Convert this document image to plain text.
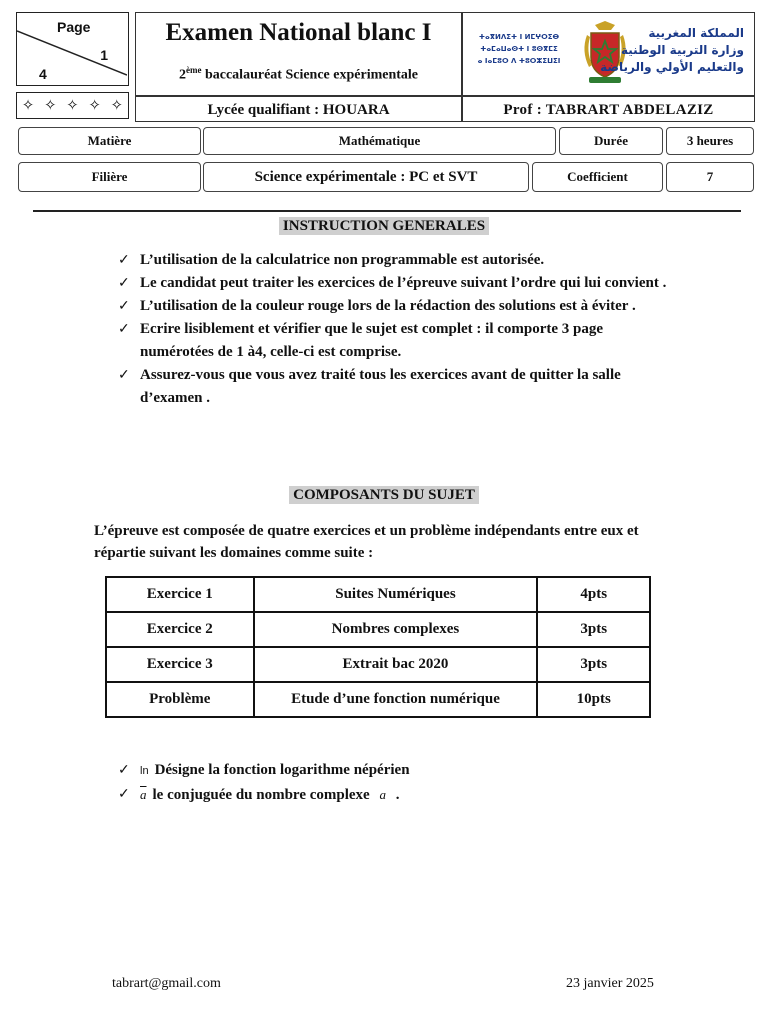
Page
1
4
✧ ✧ ✧ ✧ ✧
Examen National blanc I
2ème baccalauréat Science expérimentale
ⵜⴰⴳⵍⴷⵉⵜ ⵏ ⵍⵎⵖⵔⵉⴱ
ⵜⴰⵎⴰⵡⴰⵙⵜ ⵏ ⵓⵙⴳⵎⵉ
ⴰ ⵏⴰⵎⵓⵔ ⴷ ⵜⵓⵔⵣⵉⵡⵉⵏ
المملكة المغربية
وزارة التربية الوطنية
والتعليم الأولي والرياضة
Lycée qualifiant : HOUARA	Prof : TABRART ABDELAZIZ
Matière	Mathématique	Durée	3 heures
Filière	Science expérimentale : PC et SVT	Coefficient	7
INSTRUCTION GENERALES
✓ L’utilisation de la calculatrice non programmable est autorisée.
✓ Le candidat peut traiter les exercices de l’épreuve suivant l’ordre qui lui convient .
✓ L’utilisation de la couleur rouge lors de la rédaction des solutions est à éviter .
✓ Ecrire lisiblement et vérifier que le sujet est complet : il comporte 3 page numérotées de 1 à4, celle-ci est comprise.
✓ Assurez-vous que vous avez traité tous les exercices avant de quitter la salle d’examen .
COMPOSANTS DU SUJET
L’épreuve est composée de quatre exercices et un problème indépendants entre eux et répartie suivant les domaines comme suite :
Exercice 1	Suites Numériques	4pts
Exercice 2	Nombres complexes	3pts
Exercice 3	Extrait bac 2020	3pts
Problème	Etude d’une fonction numérique	10pts
✓ ln Désigne la fonction logarithme népérien
✓ $\overline{a}$ le conjuguée du nombre complexe a .
tabrart@gmail.com	23 janvier 2025
